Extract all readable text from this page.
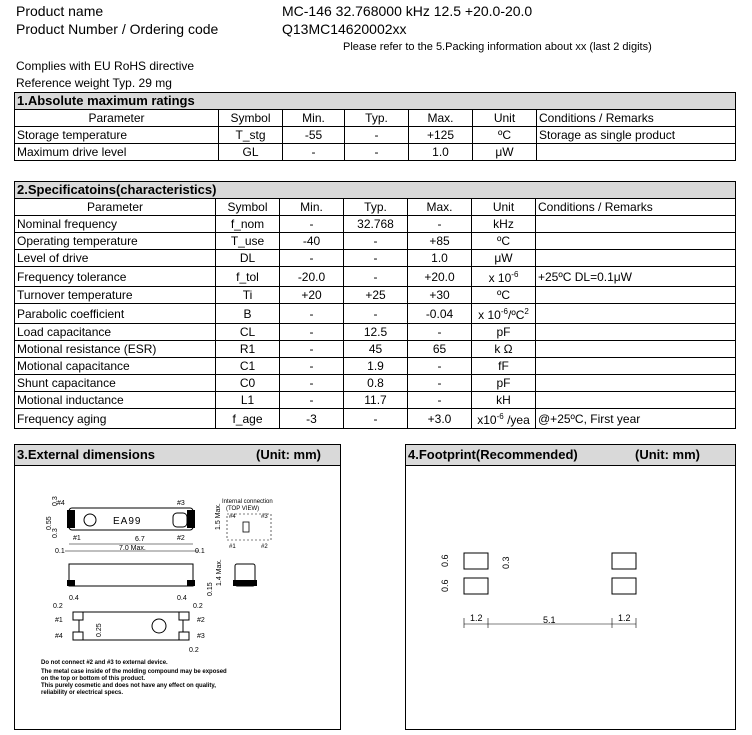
Product name	MC-146 32.768000 kHz 12.5 +20.0-20.0
Product Number / Ordering code	Q13MC14620002xx
Please refer to the 5.Packing information about xx (last 2 digits)
Complies with EU RoHS directive
Reference weight Typ. 29 mg
1.Absolute maximum ratings						
Parameter	Symbol	Min.	Typ.	Max.	Unit	Conditions / Remarks
Storage temperature	T_stg	-55	-	+125	ºC	Storage as single product
Maximum drive level	GL	-	-	1.0	μW	
2.Specificatoins(characteristics)						
Parameter	Symbol	Min.	Typ.	Max.	Unit	Conditions / Remarks
Nominal frequency	f_nom	-	32.768	-	kHz	
Operating temperature	T_use	-40	-	+85	ºC	
Level of drive	DL	-	-	1.0	μW	
Frequency tolerance	f_tol	-20.0	-	+20.0	x $10^{-6}$	+25ºC DL=0.1μW
Turnover temperature	Ti	+20	+25	+30	ºC	
Parabolic coefficient	B	-	-	-0.04	x $10^{-6}/ºC^2$	
Load capacitance	CL	-	12.5	-	pF	
Motional resistance (ESR)	R1	-	45	65	k Ω	
Motional capacitance	C1	-	1.9	-	fF	
Shunt capacitance	C0	-	0.8	-	pF	
Motional inductance	L1	-	11.7	-	kH	
Frequency aging	f_age	-3	-	+3.0	$x10^{-6}$ /yea	@+25ºC, First year
3.External dimensions	(Unit: mm)
#4	#3
EA99
#1	#2
6.7
7.0 Max.
0.1	0.1
0.3
0.55
0.3
1.5 Max.
Internal connection
(TOP VIEW)
#4	#3
#1	#2
1.4 Max.
0.15
0.4	0.4
0.2	0.2
#1
#4
#2
#3
0.25
0.2
Do not connect #2 and #3 to external device.
The metal case inside of the molding compound may be exposed
on the top or bottom of this product.
This purely cosmetic and does not have any effect on quality,
reliability or electrical specs.
4.Footprint(Recommended)	(Unit: mm)
0.6
0.6
0.3
1.2	5.1	1.2
